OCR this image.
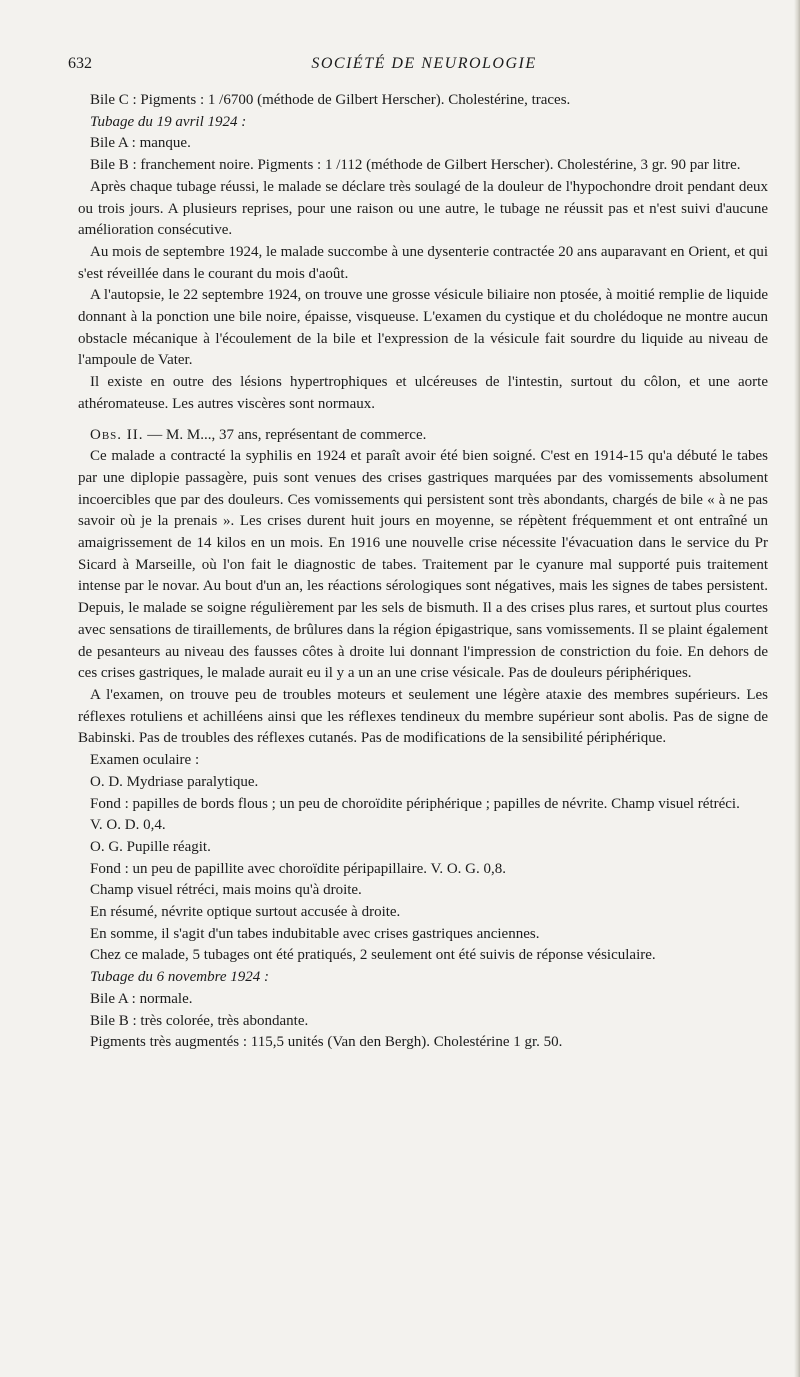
632	SOCIÉTÉ DE NEUROLOGIE

Bile C : Pigments : 1 /6700 (méthode de Gilbert Herscher). Cholestérine, traces.

Tubage du 19 avril 1924 :

Bile A : manque.

Bile B : franchement noire. Pigments : 1 /112 (méthode de Gilbert Herscher). Cholestérine, 3 gr. 90 par litre.

Après chaque tubage réussi, le malade se déclare très soulagé de la douleur de l'hypochondre droit pendant deux ou trois jours. A plusieurs reprises, pour une raison ou une autre, le tubage ne réussit pas et n'est suivi d'aucune amélioration consécutive.

Au mois de septembre 1924, le malade succombe à une dysenterie contractée 20 ans auparavant en Orient, et qui s'est réveillée dans le courant du mois d'août.

A l'autopsie, le 22 septembre 1924, on trouve une grosse vésicule biliaire non ptosée, à moitié remplie de liquide donnant à la ponction une bile noire, épaisse, visqueuse. L'examen du cystique et du cholédoque ne montre aucun obstacle mécanique à l'écoulement de la bile et l'expression de la vésicule fait sourdre du liquide au niveau de l'ampoule de Vater.

Il existe en outre des lésions hypertrophiques et ulcéreuses de l'intestin, surtout du côlon, et une aorte athéromateuse. Les autres viscères sont normaux.

Obs. II. — M. M..., 37 ans, représentant de commerce.

Ce malade a contracté la syphilis en 1924 et paraît avoir été bien soigné. C'est en 1914-15 qu'a débuté le tabes par une diplopie passagère, puis sont venues des crises gastriques marquées par des vomissements absolument incoercibles que par des douleurs. Ces vomissements qui persistent sont très abondants, chargés de bile « à ne pas savoir où je la prenais ». Les crises durent huit jours en moyenne, se répètent fréquemment et ont entraîné un amaigrissement de 14 kilos en un mois. En 1916 une nouvelle crise nécessite l'évacuation dans le service du Pr Sicard à Marseille, où l'on fait le diagnostic de tabes. Traitement par le cyanure mal supporté puis traitement intense par le novar. Au bout d'un an, les réactions sérologiques sont négatives, mais les signes de tabes persistent. Depuis, le malade se soigne régulièrement par les sels de bismuth. Il a des crises plus rares, et surtout plus courtes avec sensations de tiraillements, de brûlures dans la région épigastrique, sans vomissements. Il se plaint également de pesanteurs au niveau des fausses côtes à droite lui donnant l'impression de constriction du foie. En dehors de ces crises gastriques, le malade aurait eu il y a un an une crise vésicale. Pas de douleurs périphériques.

A l'examen, on trouve peu de troubles moteurs et seulement une légère ataxie des membres supérieurs. Les réflexes rotuliens et achilléens ainsi que les réflexes tendineux du membre supérieur sont abolis. Pas de signe de Babinski. Pas de troubles des réflexes cutanés. Pas de modifications de la sensibilité périphérique.

Examen oculaire :

O. D. Mydriase paralytique.

Fond : papilles de bords flous ; un peu de choroïdite périphérique ; papilles de névrite. Champ visuel rétréci.

V. O. D. 0,4.

O. G. Pupille réagit.

Fond : un peu de papillite avec choroïdite péripapillaire. V. O. G. 0,8.

Champ visuel rétréci, mais moins qu'à droite.

En résumé, névrite optique surtout accusée à droite.

En somme, il s'agit d'un tabes indubitable avec crises gastriques anciennes.

Chez ce malade, 5 tubages ont été pratiqués, 2 seulement ont été suivis de réponse vésiculaire.

Tubage du 6 novembre 1924 :

Bile A : normale.

Bile B : très colorée, très abondante.

Pigments très augmentés : 115,5 unités (Van den Bergh). Cholestérine 1 gr. 50.
